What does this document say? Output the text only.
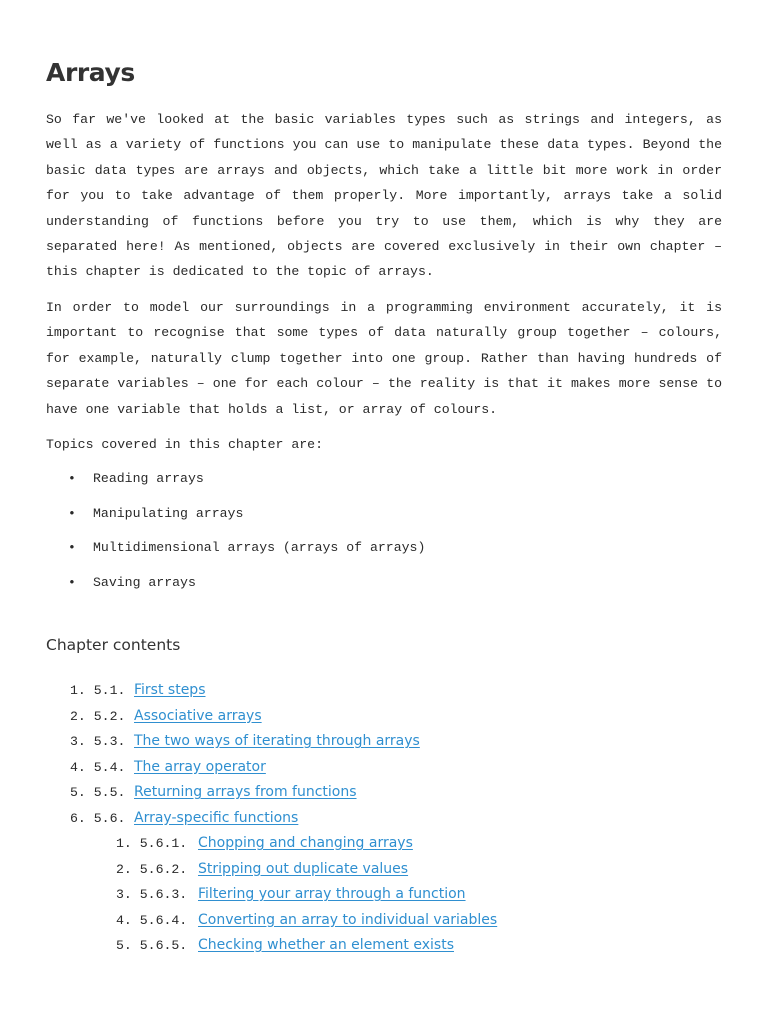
Arrays

So far we've looked at the basic variables types such as strings and integers, as well as a variety of functions you can use to manipulate these data types. Beyond the basic data types are arrays and objects, which take a little bit more work in order for you to take advantage of them properly. More importantly, arrays take a solid understanding of functions before you try to use them, which is why they are separated here! As mentioned, objects are covered exclusively in their own chapter – this chapter is dedicated to the topic of arrays.

In order to model our surroundings in a programming environment accurately, it is important to recognise that some types of data naturally group together – colours, for example, naturally clump together into one group. Rather than having hundreds of separate variables – one for each colour – the reality is that it makes more sense to have one variable that holds a list, or array of colours.

Topics covered in this chapter are:

• Reading arrays
• Manipulating arrays
• Multidimensional arrays (arrays of arrays)
• Saving arrays
Chapter contents
1. 5.1. First steps
2. 5.2. Associative arrays
3. 5.3. The two ways of iterating through arrays
4. 5.4. The array operator
5. 5.5. Returning arrays from functions
6. 5.6. Array-specific functions
1. 5.6.1. Chopping and changing arrays
2. 5.6.2. Stripping out duplicate values
3. 5.6.3. Filtering your array through a function
4. 5.6.4. Converting an array to individual variables
5. 5.6.5. Checking whether an element exists
